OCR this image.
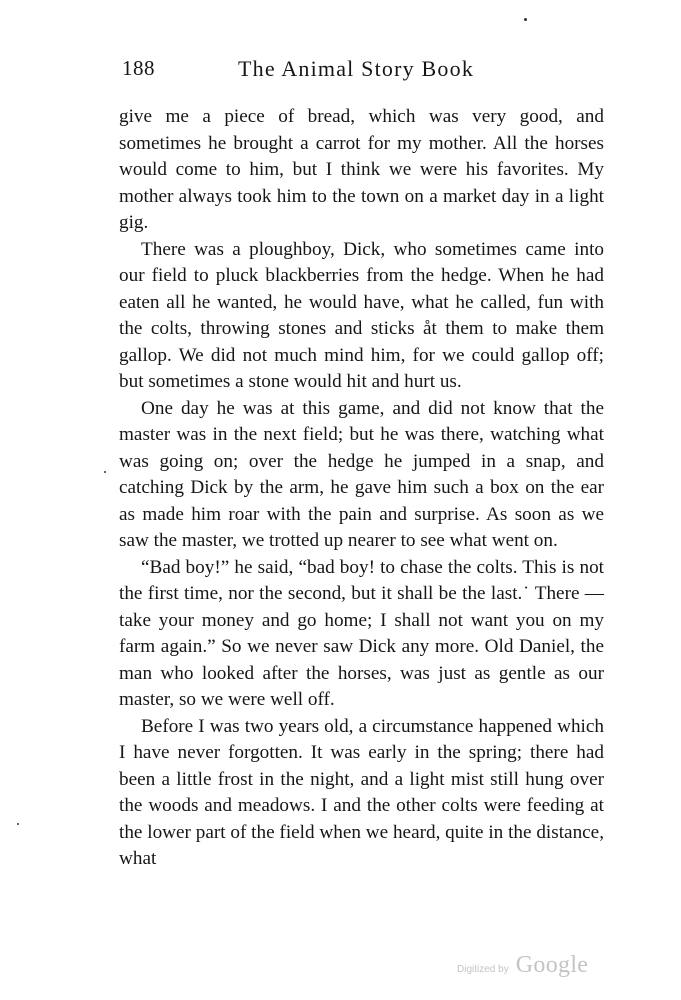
188	The Animal Story Book

give me a piece of bread, which was very good, and sometimes he brought a carrot for my mother. All the horses would come to him, but I think we were his favorites. My mother always took him to the town on a market day in a light gig.

There was a ploughboy, Dick, who sometimes came into our field to pluck blackberries from the hedge. When he had eaten all he wanted, he would have, what he called, fun with the colts, throwing stones and sticks åt them to make them gallop. We did not much mind him, for we could gallop off; but sometimes a stone would hit and hurt us.

One day he was at this game, and did not know that the master was in the next field; but he was there, watching what was going on; over the hedge he jumped in a snap, and catching Dick by the arm, he gave him such a box on the ear as made him roar with the pain and surprise. As soon as we saw the master, we trotted up nearer to see what went on.

“Bad boy!” he said, “bad boy! to chase the colts. This is not the first time, nor the second, but it shall be the last.˙ There — take your money and go home; I shall not want you on my farm again.” So we never saw Dick any more. Old Daniel, the man who looked after the horses, was just as gentle as our master, so we were well off.

Before I was two years old, a circumstance happened which I have never forgotten. It was early in the spring; there had been a little frost in the night, and a light mist still hung over the woods and meadows. I and the other colts were feeding at the lower part of the field when we heard, quite in the distance, what

Digitized by Google
